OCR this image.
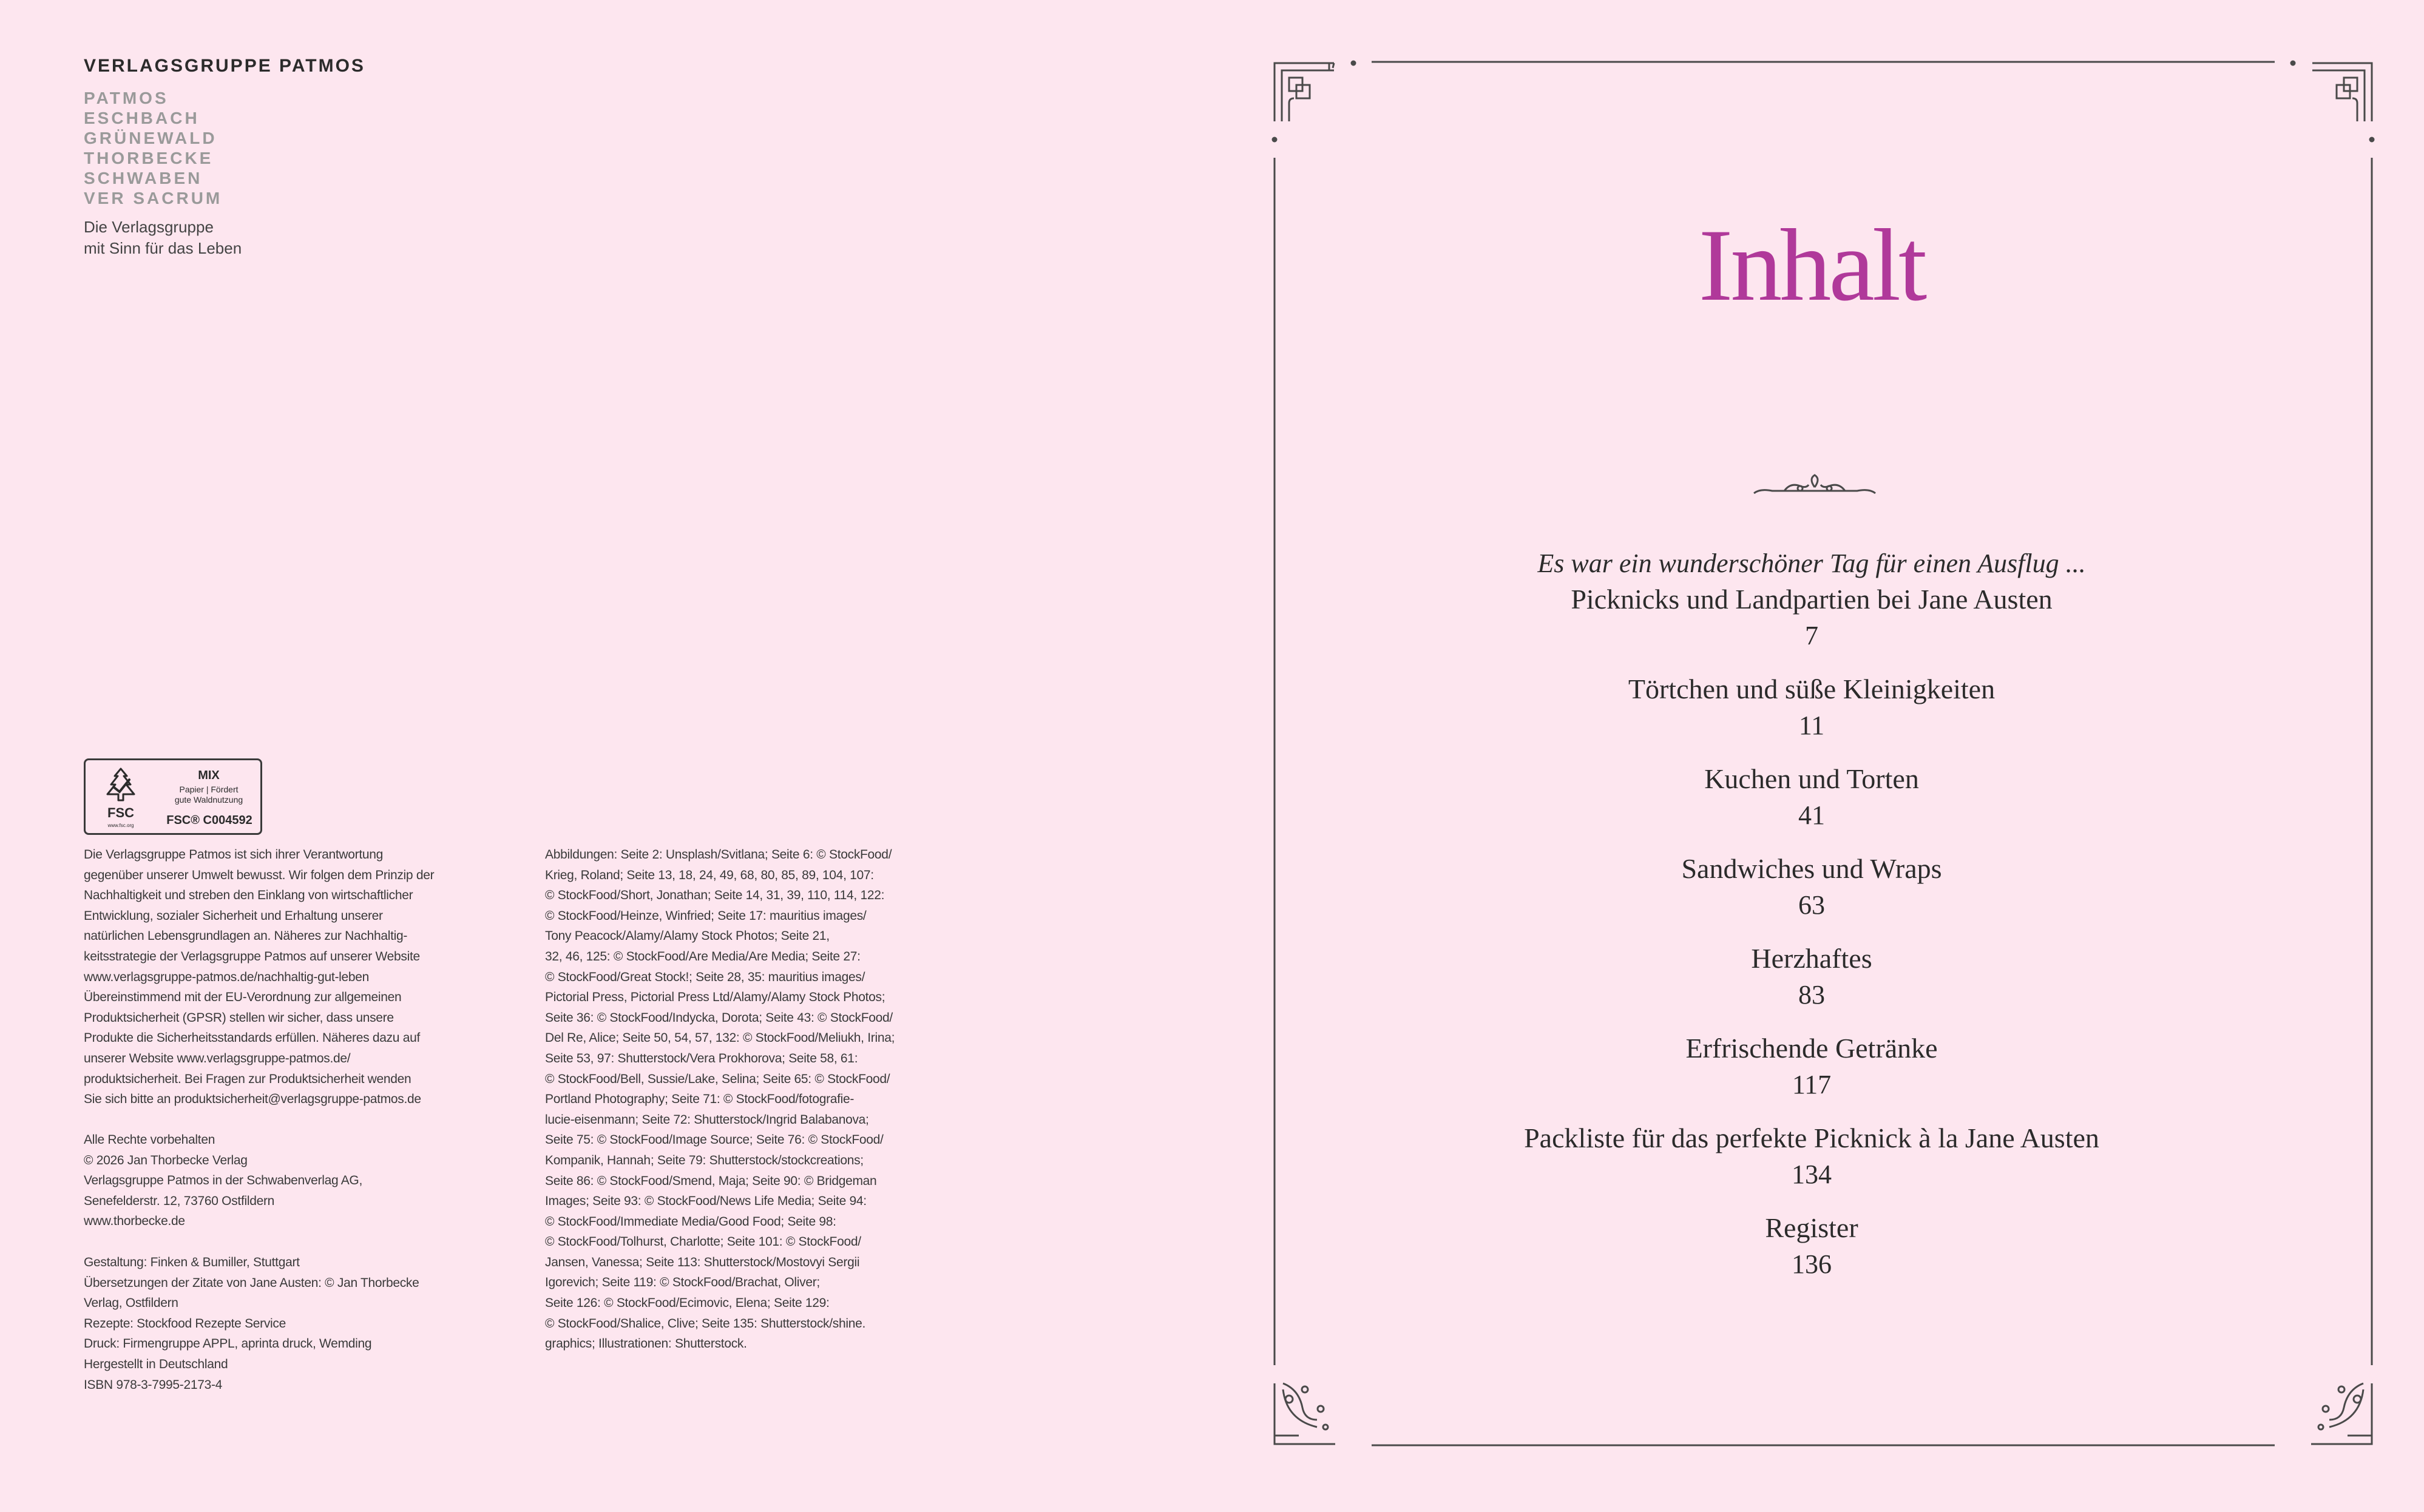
VERLAGSGRUPPE PATMOS
PATMOS
ESCHBACH
GRÜNEWALD
THORBECKE
SCHWABEN
VER SACRUM
Die Verlagsgruppe
mit Sinn für das Leben
FSC
www.fsc.org
MIX
Papier | Fördert
gute Waldnutzung
FSC® C004592
Die Verlagsgruppe Patmos ist sich ihrer Verantwortung
gegenüber unserer Umwelt bewusst. Wir folgen dem Prinzip der
Nachhaltigkeit und streben den Einklang von wirtschaftlicher
Entwicklung, sozialer Sicherheit und Erhaltung unserer
natürlichen Lebensgrundlagen an. Näheres zur Nachhaltig-
keitsstrategie der Verlagsgruppe Patmos auf unserer Website
www.verlagsgruppe-patmos.de/nachhaltig-gut-leben
Übereinstimmend mit der EU-Verordnung zur allgemeinen
Produktsicherheit (GPSR) stellen wir sicher, dass unsere
Produkte die Sicherheitsstandards erfüllen. Näheres dazu auf
unserer Website www.verlagsgruppe-patmos.de/
produktsicherheit. Bei Fragen zur Produktsicherheit wenden
Sie sich bitte an produktsicherheit@verlagsgruppe-patmos.de
Alle Rechte vorbehalten
© 2026 Jan Thorbecke Verlag
Verlagsgruppe Patmos in der Schwabenverlag AG,
Senefelderstr. 12, 73760 Ostfildern
www.thorbecke.de
Gestaltung: Finken & Bumiller, Stuttgart
Übersetzungen der Zitate von Jane Austen: © Jan Thorbecke
Verlag, Ostfildern
Rezepte: Stockfood Rezepte Service
Druck: Firmengruppe APPL, aprinta druck, Wemding
Hergestellt in Deutschland
ISBN 978-3-7995-2173-4
Abbildungen: Seite 2: Unsplash/Svitlana; Seite 6: © StockFood/
Krieg, Roland; Seite 13, 18, 24, 49, 68, 80, 85, 89, 104, 107:
© StockFood/Short, Jonathan; Seite 14, 31, 39, 110, 114, 122:
© StockFood/Heinze, Winfried; Seite 17: mauritius images/
Tony Peacock/Alamy/Alamy Stock Photos; Seite 21,
32, 46, 125: © StockFood/Are Media/Are Media; Seite 27:
© StockFood/Great Stock!; Seite 28, 35: mauritius images/
Pictorial Press, Pictorial Press Ltd/Alamy/Alamy Stock Photos;
Seite 36: © StockFood/Indycka, Dorota; Seite 43: © StockFood/
Del Re, Alice; Seite 50, 54, 57, 132: © StockFood/Meliukh, Irina;
Seite 53, 97: Shutterstock/Vera Prokhorova; Seite 58, 61:
© StockFood/Bell, Sussie/Lake, Selina; Seite 65: © StockFood/
Portland Photography; Seite 71: © StockFood/fotografie-
lucie-eisenmann; Seite 72: Shutterstock/Ingrid Balabanova;
Seite 75: © StockFood/Image Source; Seite 76: © StockFood/
Kompanik, Hannah; Seite 79: Shutterstock/stockcreations;
Seite 86: © StockFood/Smend, Maja; Seite 90: © Bridgeman
Images; Seite 93: © StockFood/News Life Media; Seite 94:
© StockFood/Immediate Media/Good Food; Seite 98:
© StockFood/Tolhurst, Charlotte; Seite 101: © StockFood/
Jansen, Vanessa; Seite 113: Shutterstock/Mostovyi Sergii
Igorevich; Seite 119: © StockFood/Brachat, Oliver;
Seite 126: © StockFood/Ecimovic, Elena; Seite 129:
© StockFood/Shalice, Clive; Seite 135: Shutterstock/shine.
graphics; Illustrationen: Shutterstock.
Inhalt
Es war ein wunderschöner Tag für einen Ausflug ...
Picknicks und Landpartien bei Jane Austen
7
Törtchen und süße Kleinigkeiten
11
Kuchen und Torten
41
Sandwiches und Wraps
63
Herzhaftes
83
Erfrischende Getränke
117
Packliste für das perfekte Picknick à la Jane Austen
134
Register
136
